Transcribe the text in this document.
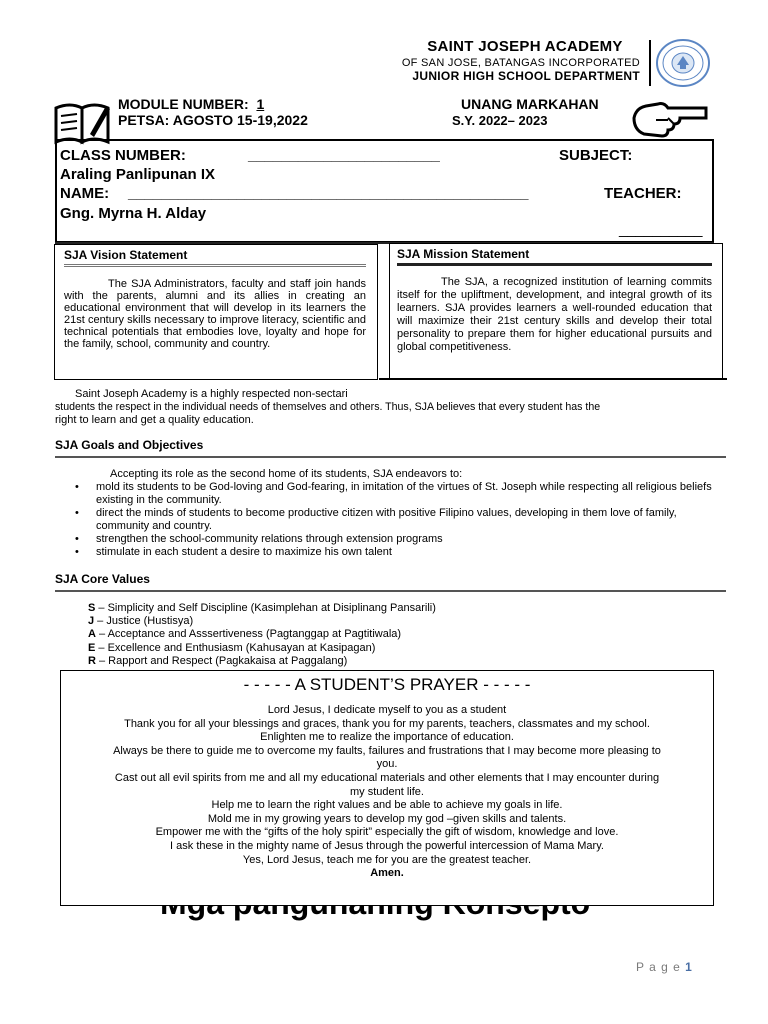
SAINT JOSEPH ACADEMY
OF SAN JOSE, BATANGAS INCORPORATED
JUNIOR HIGH SCHOOL DEPARTMENT
MODULE NUMBER: 1
PETSA: AGOSTO 15-19,2022
UNANG MARKAHAN
S.Y. 2022– 2023
CLASS NUMBER:	_______________________	SUBJECT:
Araling Panlipunan IX
NAME: ________________________________________________	TEACHER:
Gng. Myrna H. Alday
__________
SJA Vision Statement
The SJA Administrators, faculty and staff join hands with the parents, alumni and its allies in creating an educational environment that will develop in its learners the 21st century skills necessary to improve literacy, scientific and technical potentials that embodies love, loyalty and hope for the family, school, community and country.
SJA Mission Statement
The SJA, a recognized institution of learning commits itself for the upliftment, development, and integral growth of its learners. SJA provides learners a well-rounded education that will maximize their 21st century skills and develop their total personality to prepare them for higher educational pursuits and global competitiveness.
Saint Joseph Academy is a highly respected non-sectari
students the respect in the individual needs of themselves and others. Thus, SJA believes that every student has the
right to learn and get a quality education.
SJA Goals and Objectives
Accepting its role as the second home of its students, SJA endeavors to:
•	mold its students to be God-loving and God-fearing, in imitation of the virtues of St. Joseph while respecting all religious beliefs existing in the community.
•	direct the minds of students to become productive citizen with positive Filipino values, developing in them love of family, community and country.
•	strengthen the school-community relations through extension programs
•	stimulate in each student a desire to maximize his own talent
SJA Core Values
S – Simplicity and Self Discipline (Kasimplehan at Disiplinang Pansarili)
J – Justice (Hustisya)
A – Acceptance and Asssertiveness (Pagtanggap at Pagtitiwala)
E – Excellence and Enthusiasm (Kahusayan at Kasipagan)
R – Rapport and Respect (Pagkakaisa at Paggalang)
- - - - - A STUDENT’S PRAYER - - - - -
Lord Jesus, I dedicate myself to you as a student
Thank you for all your blessings and graces, thank you for my parents, teachers, classmates and my school.
Enlighten me to realize the importance of education.
Always be there to guide me to overcome my faults, failures and frustrations that I may become more pleasing to
you.
Cast out all evil spirits from me and all my educational materials and other elements that I may encounter during
my student life.
Help me to learn the right values and be able to achieve my goals in life.
Mold me in my growing years to develop my god –given skills and talents.
Empower me with the “gifts of the holy spirit” especially the gift of wisdom, knowledge and love.
I ask these in the mighty name of Jesus through the powerful intercession of Mama Mary.
Yes, Lord Jesus, teach me for you are the greatest teacher.
Amen.
P a g e 1
